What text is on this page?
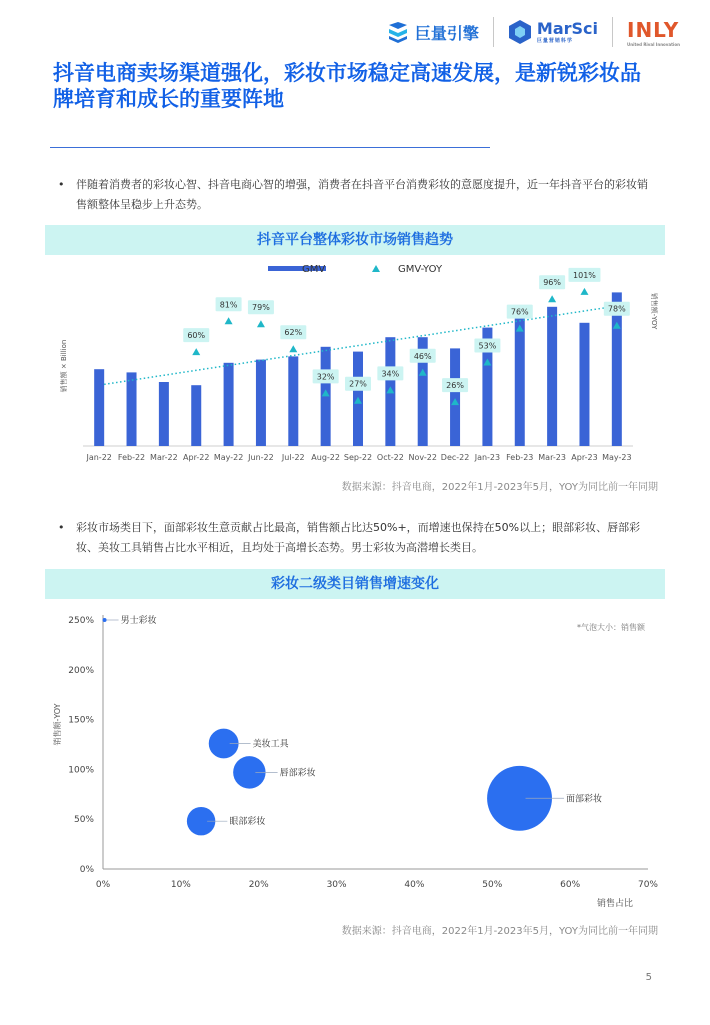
巨量引擎	MarSci
巨量营销科学	INLY
United Rival Innovation
抖音电商卖场渠道强化，彩妆市场稳定高速发展，是新锐彩妆品牌培育和成长的重要阵地
• 伴随着消费者的彩妆心智、抖音电商心智的增强，消费者在抖音平台消费彩妆的意愿度提升，近一年抖音平台的彩妆销售额整体呈稳步上升态势。
抖音平台整体彩妆市场销售趋势
GMV	GMV-YOY
销售额 × Billion
销售额-YOY
Jan-22 Feb-22 Mar-22 Apr-22 May-22 Jun-22 Jul-22 Aug-22 Sep-22 Oct-22 Nov-22 Dec-22 Jan-23 Feb-23 Mar-23 Apr-23 May-23
60%
81% 79%
62%
32%
27%
34%
46%
26%
53%
76%
96%
101%
78%
数据来源：抖音电商，2022年1月-2023年5月，YOY为同比前一年同期
• 彩妆市场类目下，面部彩妆生意贡献占比最高，销售额占比达50%+，而增速也保持在50%以上；眼部彩妆、唇部彩妆、美妆工具销售占比水平相近，且均处于高增长态势。男士彩妆为高潜增长类目。
彩妆二级类目销售增速变化
0%
50%
100%
150%
200%
250%
0%	10%	20%	30%	40%	50%	60%	70%
销售额-YOY
销售占比
*气泡大小：销售额
男士彩妆
美妆工具
唇部彩妆
眼部彩妆
面部彩妆
数据来源：抖音电商，2022年1月-2023年5月，YOY为同比前一年同期
5
